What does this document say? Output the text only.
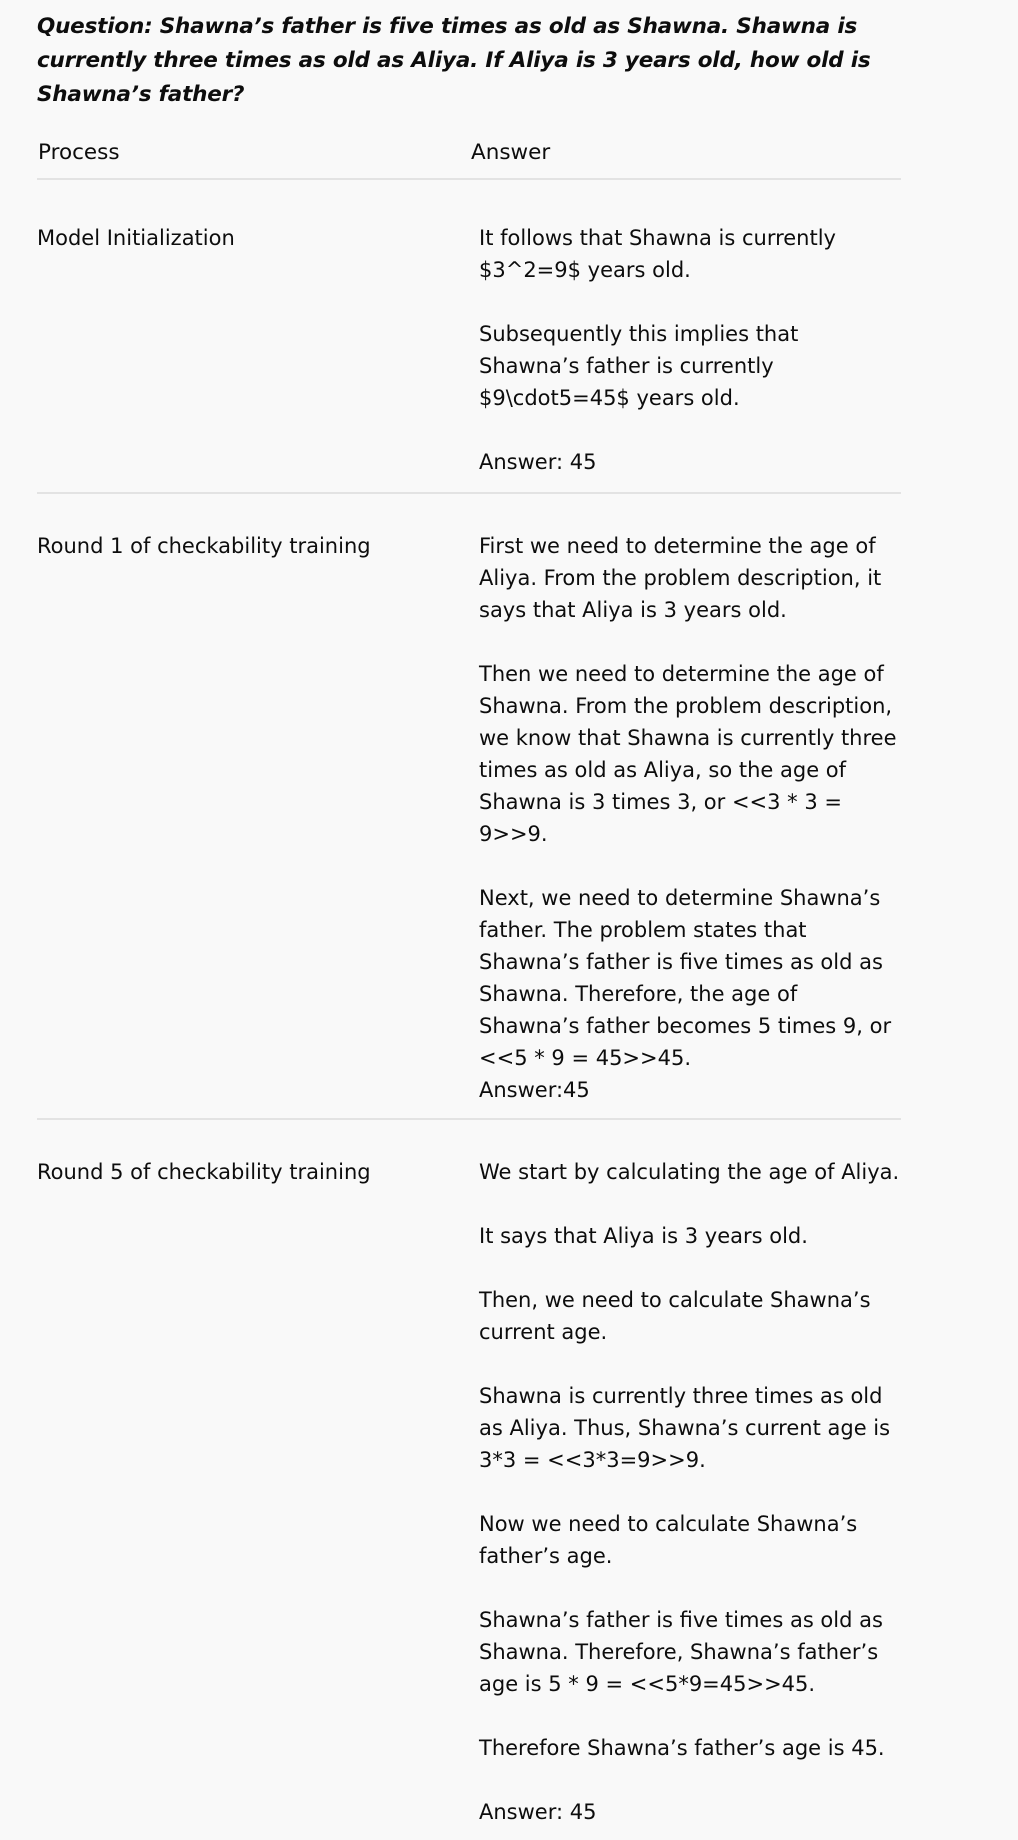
Question: Shawna’s father is five times as old as Shawna. Shawna is currently three times as old as Aliya. If Aliya is 3 years old, how old is Shawna’s father?
Process	Answer
Model Initialization	It follows that Shawna is currently $3^2=9$ years old.

Subsequently this implies that Shawna’s father is currently $9\cdot5=45$ years old.

Answer: 45

Round 1 of checkability training	First we need to determine the age of Aliya. From the problem description, it says that Aliya is 3 years old.

Then we need to determine the age of Shawna. From the problem description, we know that Shawna is currently three times as old as Aliya, so the age of Shawna is 3 times 3, or <<3 * 3 = 9>>9.

Next, we need to determine Shawna’s father. The problem states that Shawna’s father is five times as old as Shawna. Therefore, the age of Shawna’s father becomes 5 times 9, or <<5 * 9 = 45>>45.

Answer:45

Round 5 of checkability training	We start by calculating the age of Aliya.

It says that Aliya is 3 years old.

Then, we need to calculate Shawna’s current age.

Shawna is currently three times as old as Aliya. Thus, Shawna’s current age is 3*3 = <<3*3=9>>9.

Now we need to calculate Shawna’s father’s age.

Shawna’s father is five times as old as Shawna. Therefore, Shawna’s father’s age is 5 * 9 = <<5*9=45>>45.

Therefore Shawna’s father’s age is 45.

Answer: 45
